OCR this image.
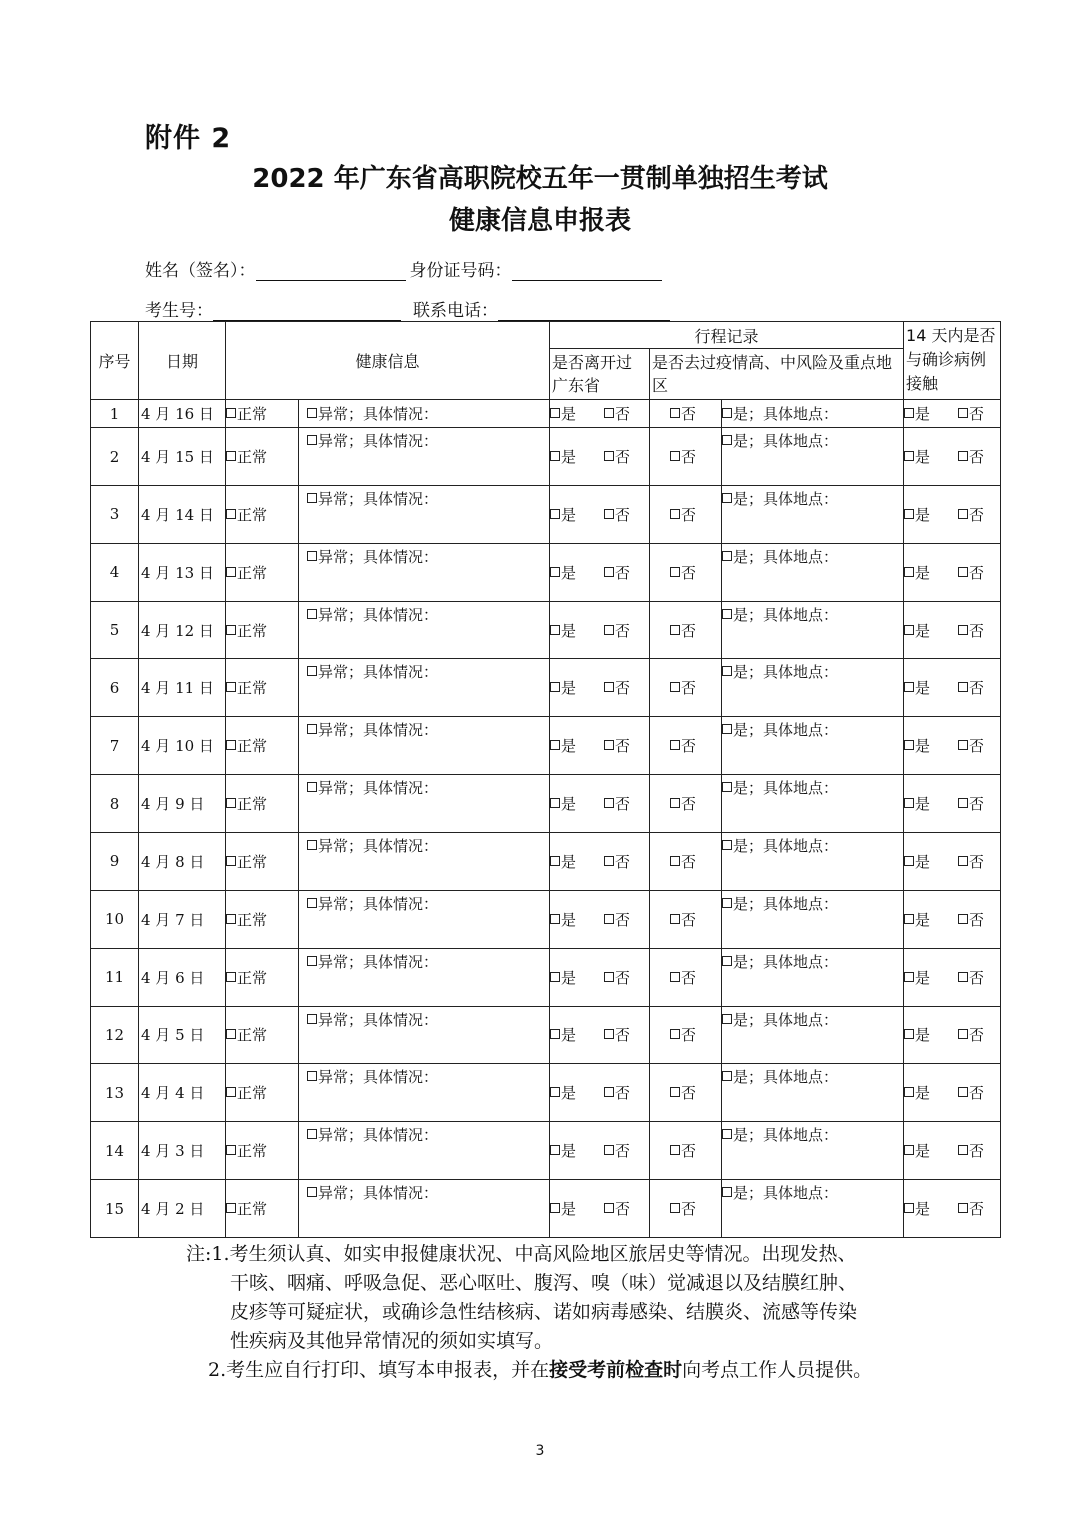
附件 2
2022 年广东省高职院校五年一贯制单独招生考试
健康信息申报表
姓名（签名）：	身份证号码：
考生号：	联系电话：
序号	日期	健康信息		行程记录			14 天内是否与确诊病例接触
				是否离开过广东省	是否去过疫情高、中风险及重点地区		
1	4 月 16 日	正常	异常；具体情况：	是 否	否	是；具体地点：	是 否
2	4 月 15 日	正常	异常；具体情况：	是 否	否	是；具体地点：	是 否
3	4 月 14 日	正常	异常；具体情况：	是 否	否	是；具体地点：	是 否
4	4 月 13 日	正常	异常；具体情况：	是 否	否	是；具体地点：	是 否
5	4 月 12 日	正常	异常；具体情况：	是 否	否	是；具体地点：	是 否
6	4 月 11 日	正常	异常；具体情况：	是 否	否	是；具体地点：	是 否
7	4 月 10 日	正常	异常；具体情况：	是 否	否	是；具体地点：	是 否
8	4 月 9 日	正常	异常；具体情况：	是 否	否	是；具体地点：	是 否
9	4 月 8 日	正常	异常；具体情况：	是 否	否	是；具体地点：	是 否
10	4 月 7 日	正常	异常；具体情况：	是 否	否	是；具体地点：	是 否
11	4 月 6 日	正常	异常；具体情况：	是 否	否	是；具体地点：	是 否
12	4 月 5 日	正常	异常；具体情况：	是 否	否	是；具体地点：	是 否
13	4 月 4 日	正常	异常；具体情况：	是 否	否	是；具体地点：	是 否
14	4 月 3 日	正常	异常；具体情况：	是 否	否	是；具体地点：	是 否
15	4 月 2 日	正常	异常；具体情况：	是 否	否	是；具体地点：	是 否
注:1.考生须认真、如实申报健康状况、中高风险地区旅居史等情况。出现发热、
干咳、咽痛、呼吸急促、恶心呕吐、腹泻、嗅（味）觉减退以及结膜红肿、
皮疹等可疑症状，或确诊急性结核病、诺如病毒感染、结膜炎、流感等传染
性疾病及其他异常情况的须如实填写。
2.考生应自行打印、填写本申报表，并在接受考前检查时向考点工作人员提供。
3
